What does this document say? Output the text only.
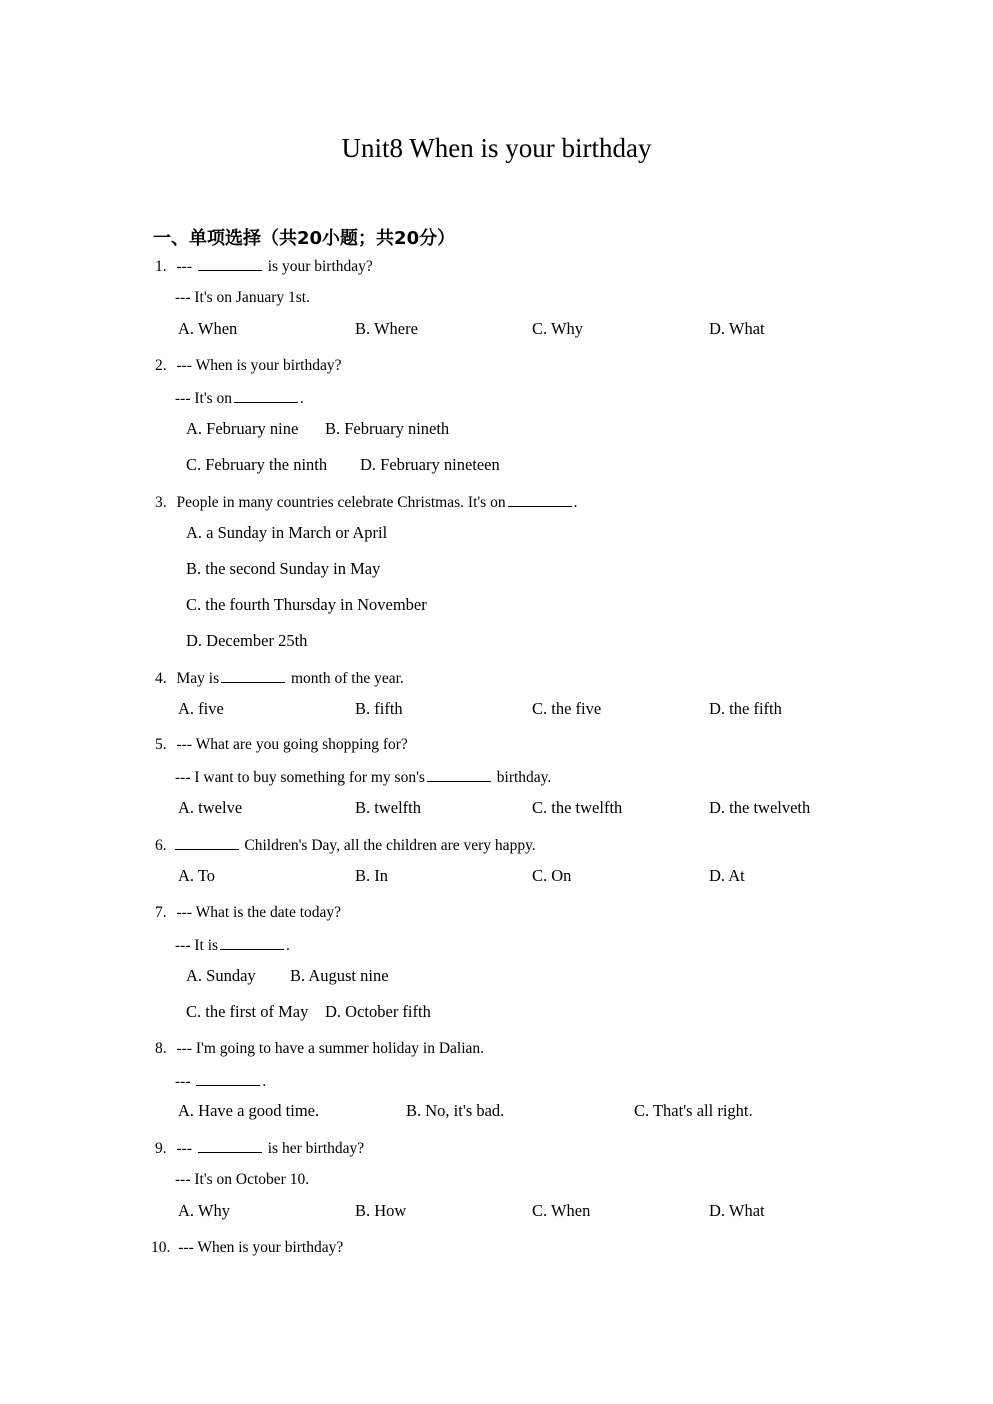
Unit8 When is your birthday
一、单项选择（共20小题；共20分）
1. ---	is your birthday?
--- It's on January 1st.
A. When	B. Where	C. Why	D. What
2. --- When is your birthday?
--- It's on	.
A. February nine B. February nineth
C. February the ninth D. February nineteen
3. People in many countries celebrate Christmas. It's on	.
A. a Sunday in March or April
B. the second Sunday in May
C. the fourth Thursday in November
D. December 25th
4. May is	month of the year.
A. five	B. fifth	C. the five	D. the fifth
5. --- What are you going shopping for?
--- I want to buy something for my son's	birthday.
A. twelve	B. twelfth	C. the twelfth	D. the twelveth
6.	Children's Day, all the children are very happy.
A. To	B. In	C. On	D. At
7. --- What is the date today?
--- It is	.
A. Sunday B. August nine
C. the first of May D. October fifth
8. --- I'm going to have a summer holiday in Dalian.
---	.
A. Have a good time.	B. No, it's bad.	C. That's all right.
9. ---	is her birthday?
--- It's on October 10.
A. Why	B. How	C. When	D. What
10. --- When is your birthday?
